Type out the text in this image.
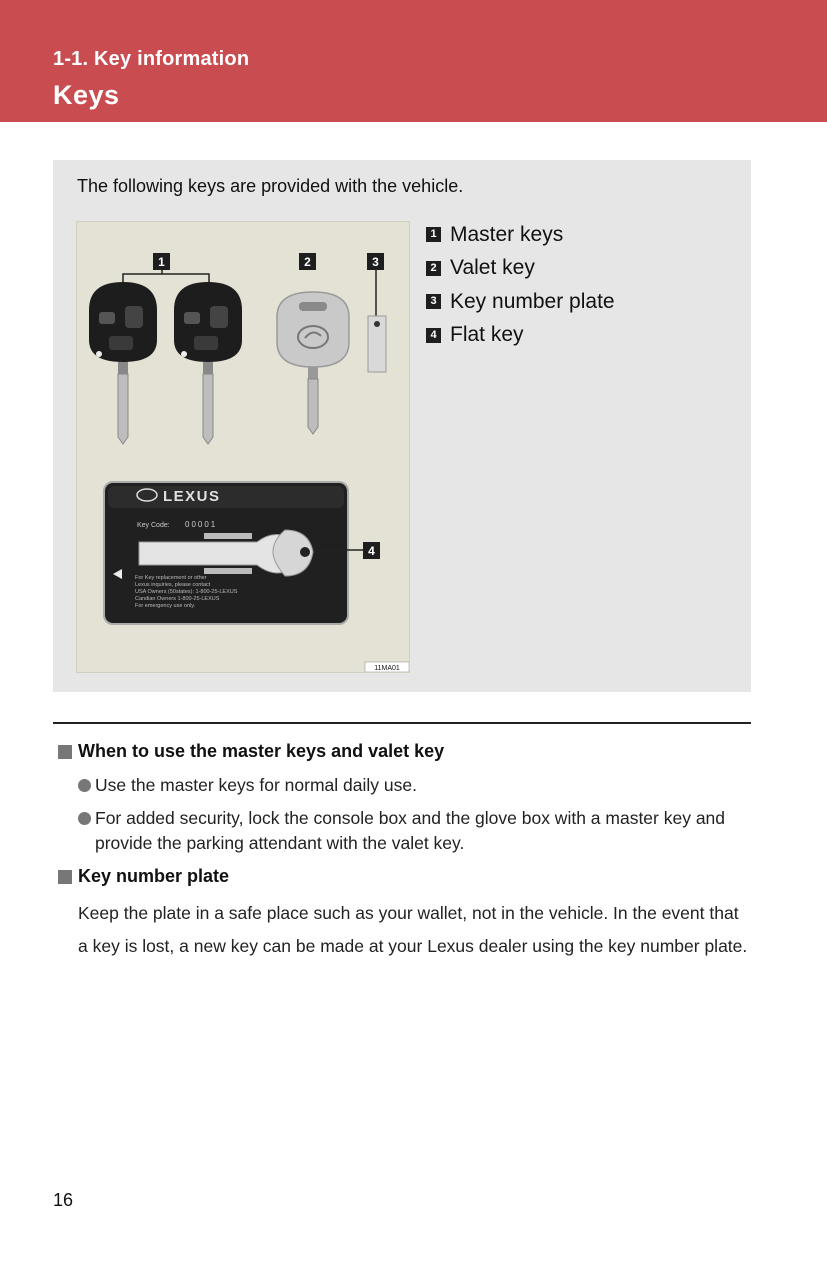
1-1. Key information
Keys
The following keys are provided with the vehicle.
1	2	3
LEXUS
Key Code: 00001
For Key replacement or other
Lexus inquiries, please contact
USA Owners (50states): 1-800-25-LEXUS
Candian Owners 1-800-25-LEXUS
For emergency use only.
4
11MA01
1 Master keys
2 Valet key
3 Key number plate
4 Flat key
When to use the master keys and valet key
Use the master keys for normal daily use.
For added security, lock the console box and the glove box with a master key and provide the parking attendant with the valet key.
Key number plate
Keep the plate in a safe place such as your wallet, not in the vehicle. In the event that a key is lost, a new key can be made at your Lexus dealer using the key number plate.
16
